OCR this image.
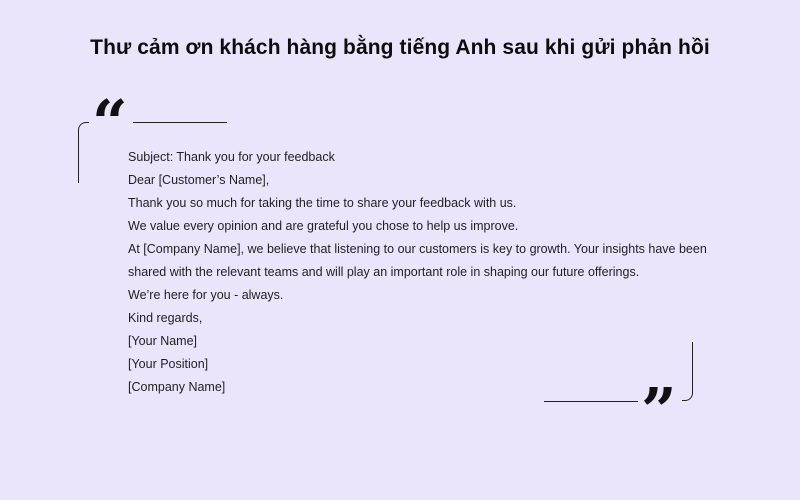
Thư cảm ơn khách hàng bằng tiếng Anh sau khi gửi phản hồi
“ Subject: Thank you for your feedback
Dear [Customer’s Name],
Thank you so much for taking the time to share your feedback with us.
We value every opinion and are grateful you chose to help us improve.
At [Company Name], we believe that listening to our customers is key to growth. Your insights have been
shared with the relevant teams and will play an important role in shaping our future offerings.
We’re here for you - always.
Kind regards,
[Your Name]
[Your Position]
[Company Name]	”
